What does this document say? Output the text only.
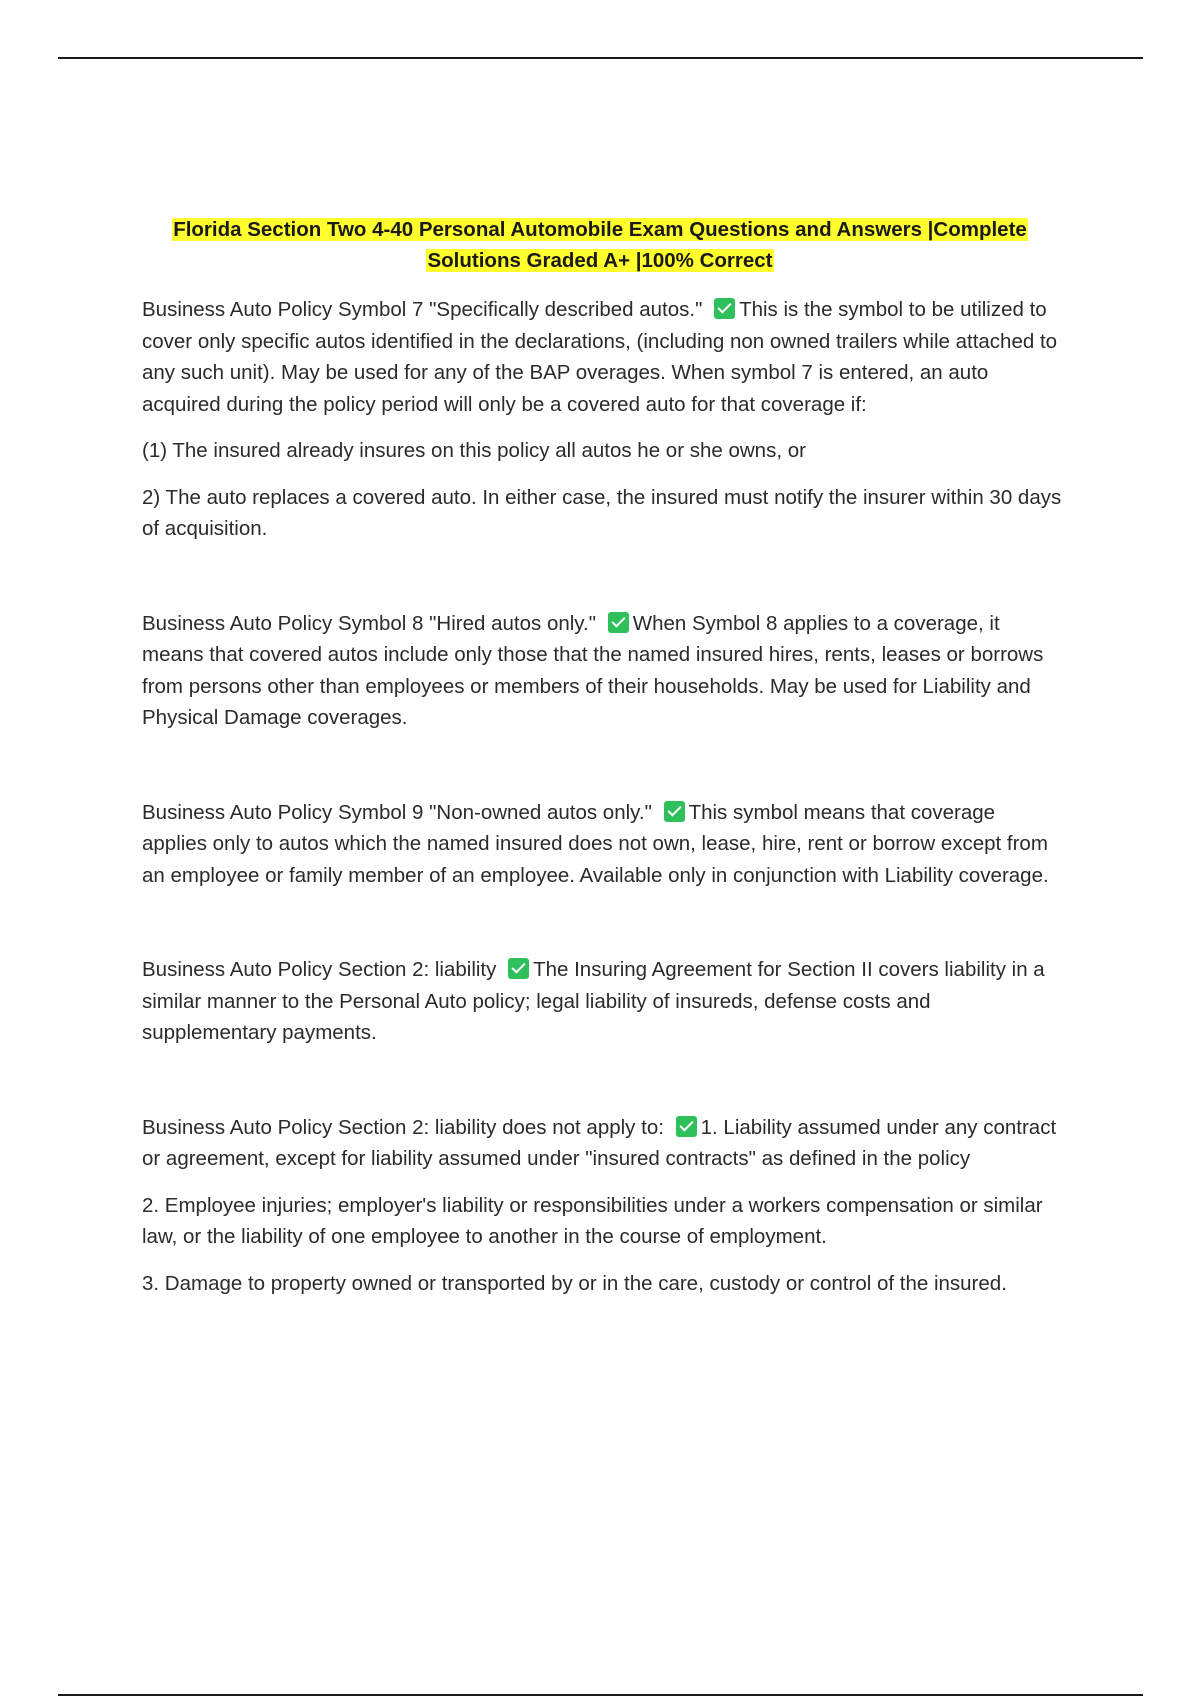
Florida Section Two 4-40 Personal Automobile Exam Questions and Answers |Complete
Solutions Graded A+ |100% Correct

Business Auto Policy Symbol 7 "Specifically described autos." This is the symbol to be utilized to cover only specific autos identified in the declarations, (including non owned trailers while attached to any such unit). May be used for any of the BAP overages. When symbol 7 is entered, an auto acquired during the policy period will only be a covered auto for that coverage if:

(1) The insured already insures on this policy all autos he or she owns, or

2) The auto replaces a covered auto. In either case, the insured must notify the insurer within 30 days of acquisition.

Business Auto Policy Symbol 8 "Hired autos only." When Symbol 8 applies to a coverage, it means that covered autos include only those that the named insured hires, rents, leases or borrows from persons other than employees or members of their households. May be used for Liability and Physical Damage coverages.

Business Auto Policy Symbol 9 "Non-owned autos only." This symbol means that coverage applies only to autos which the named insured does not own, lease, hire, rent or borrow except from an employee or family member of an employee. Available only in conjunction with Liability coverage.

Business Auto Policy Section 2: liability The Insuring Agreement for Section II covers liability in a similar manner to the Personal Auto policy; legal liability of insureds, defense costs and supplementary payments.

Business Auto Policy Section 2: liability does not apply to: 1. Liability assumed under any contract or agreement, except for liability assumed under "insured contracts" as defined in the policy

2. Employee injuries; employer's liability or responsibilities under a workers compensation or similar law, or the liability of one employee to another in the course of employment.

3. Damage to property owned or transported by or in the care, custody or control of the insured.
